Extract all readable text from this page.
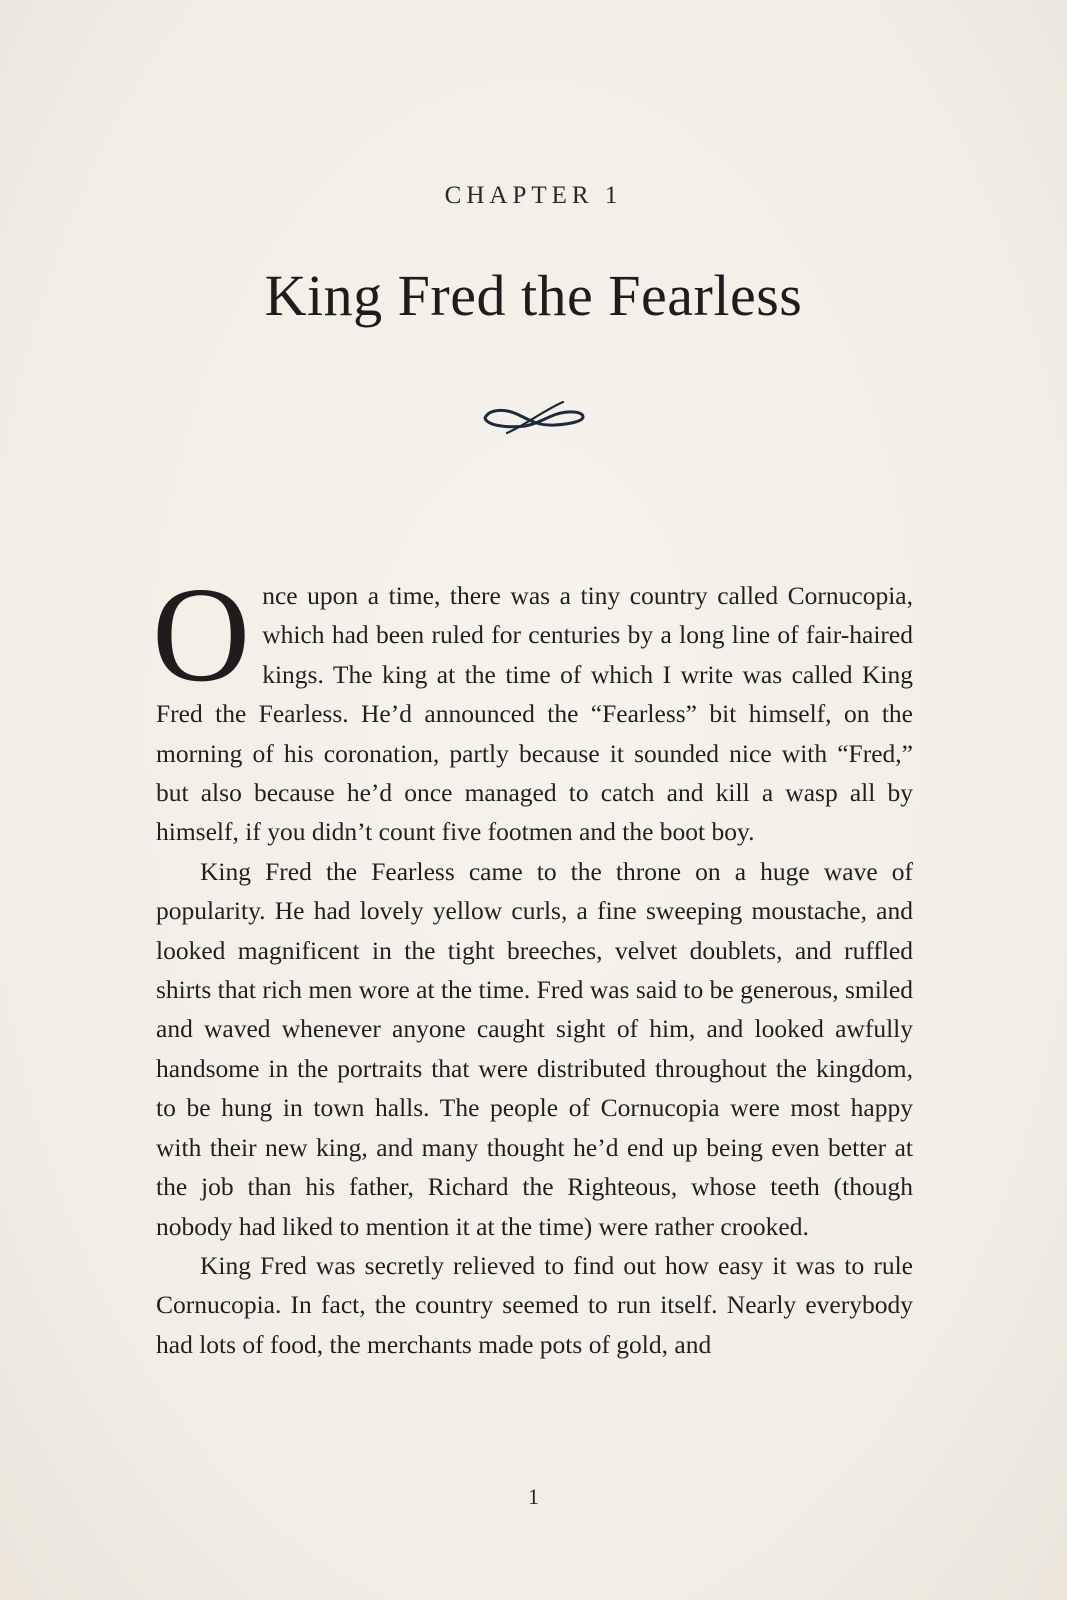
CHAPTER 1
King Fred the Fearless

Once upon a time, there was a tiny country called Cornucopia, which had been ruled for centuries by a long line of fair-haired kings. The king at the time of which I write was called King Fred the Fearless. He’d announced the “Fearless” bit himself, on the morning of his coronation, partly because it sounded nice with “Fred,” but also because he’d once managed to catch and kill a wasp all by himself, if you didn’t count five footmen and the boot boy.

King Fred the Fearless came to the throne on a huge wave of popularity. He had lovely yellow curls, a fine sweeping moustache, and looked magnificent in the tight breeches, velvet doublets, and ruffled shirts that rich men wore at the time. Fred was said to be generous, smiled and waved whenever anyone caught sight of him, and looked awfully handsome in the portraits that were distributed throughout the kingdom, to be hung in town halls. The people of Cornucopia were most happy with their new king, and many thought he’d end up being even better at the job than his father, Richard the Righteous, whose teeth (though nobody had liked to mention it at the time) were rather crooked.

King Fred was secretly relieved to find out how easy it was to rule Cornucopia. In fact, the country seemed to run itself. Nearly everybody had lots of food, the merchants made pots of gold, and

1
